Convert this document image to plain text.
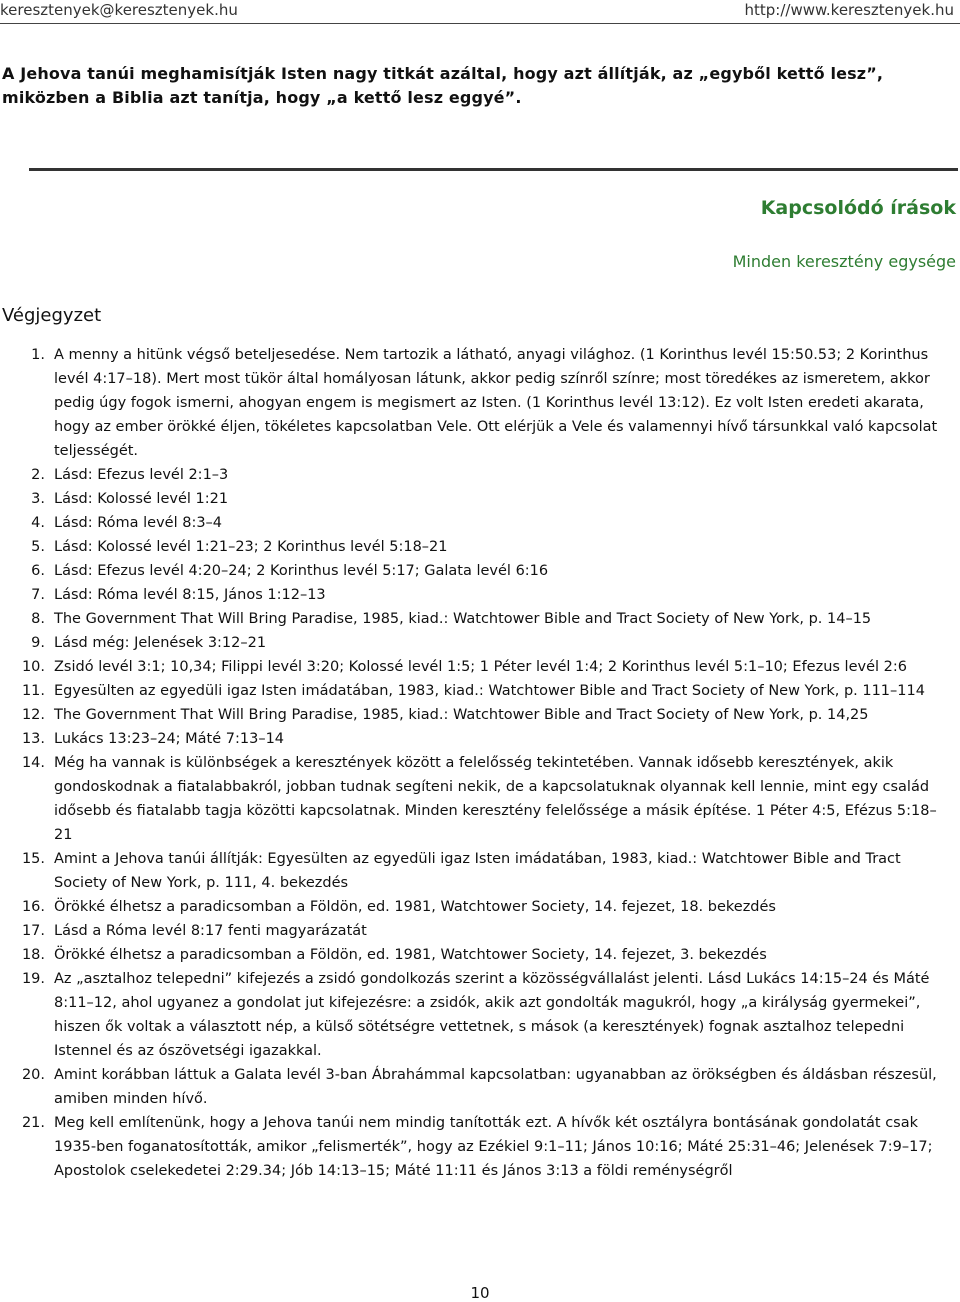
keresztenyek@keresztenyek.hu	http://www.keresztenyek.hu
A Jehova tanúi meghamisítják Isten nagy titkát azáltal, hogy azt állítják, az „egyből kettő lesz”, miközben a Biblia azt tanítja, hogy „a kettő lesz eggyé”.
Kapcsolódó írások
Minden keresztény egysége
Végjegyzet
1. A menny a hitünk végső beteljesedése. Nem tartozik a látható, anyagi világhoz. (1 Korinthus levél 15:50.53; 2 Korinthus levél 4:17–18). Mert most tükör által homályosan látunk, akkor pedig színről színre; most töredékes az ismeretem, akkor pedig úgy fogok ismerni, ahogyan engem is megismert az Isten. (1 Korinthus levél 13:12). Ez volt Isten eredeti akarata, hogy az ember örökké éljen, tökéletes kapcsolatban Vele. Ott elérjük a Vele és valamennyi hívő társunkkal való kapcsolat teljességét.
2. Lásd: Efezus levél 2:1–3
3. Lásd: Kolossé levél 1:21
4. Lásd: Róma levél 8:3–4
5. Lásd: Kolossé levél 1:21–23; 2 Korinthus levél 5:18–21
6. Lásd: Efezus levél 4:20–24; 2 Korinthus levél 5:17; Galata levél 6:16
7. Lásd: Róma levél 8:15, János 1:12–13
8. The Government That Will Bring Paradise, 1985, kiad.: Watchtower Bible and Tract Society of New York, p. 14–15
9. Lásd még: Jelenések 3:12–21
10. Zsidó levél 3:1; 10,34; Filippi levél 3:20; Kolossé levél 1:5; 1 Péter levél 1:4; 2 Korinthus levél 5:1–10; Efezus levél 2:6
11. Egyesülten az egyedüli igaz Isten imádatában, 1983, kiad.: Watchtower Bible and Tract Society of New York, p. 111–114
12. The Government That Will Bring Paradise, 1985, kiad.: Watchtower Bible and Tract Society of New York, p. 14,25
13. Lukács 13:23–24; Máté 7:13–14
14. Még ha vannak is különbségek a keresztények között a felelősség tekintetében. Vannak idősebb keresztények, akik gondoskodnak a fiatalabbakról, jobban tudnak segíteni nekik, de a kapcsolatuknak olyannak kell lennie, mint egy család idősebb és fiatalabb tagja közötti kapcsolatnak. Minden keresztény felelőssége a másik építése. 1 Péter 4:5, Efézus 5:18–21
15. Amint a Jehova tanúi állítják: Egyesülten az egyedüli igaz Isten imádatában, 1983, kiad.: Watchtower Bible and Tract Society of New York, p. 111, 4. bekezdés
16. Örökké élhetsz a paradicsomban a Földön, ed. 1981, Watchtower Society, 14. fejezet, 18. bekezdés
17. Lásd a Róma levél 8:17 fenti magyarázatát
18. Örökké élhetsz a paradicsomban a Földön, ed. 1981, Watchtower Society, 14. fejezet, 3. bekezdés
19. Az „asztalhoz telepedni” kifejezés a zsidó gondolkozás szerint a közösségvállalást jelenti. Lásd Lukács 14:15–24 és Máté 8:11–12, ahol ugyanez a gondolat jut kifejezésre: a zsidók, akik azt gondolták magukról, hogy „a királyság gyermekei”, hiszen ők voltak a választott nép, a külső sötétségre vettetnek, s mások (a keresztények) fognak asztalhoz telepedni Istennel és az ószövetségi igazakkal.
20. Amint korábban láttuk a Galata levél 3-ban Ábrahámmal kapcsolatban: ugyanabban az örökségben és áldásban részesül, amiben minden hívő.
21. Meg kell említenünk, hogy a Jehova tanúi nem mindig tanították ezt. A hívők két osztályra bontásának gondolatát csak 1935-ben foganatosították, amikor „felismerték”, hogy az Ezékiel 9:1–11; János 10:16; Máté 25:31–46; Jelenések 7:9–17; Apostolok cselekedetei 2:29.34; Jób 14:13–15; Máté 11:11 és János 3:13 a földi reménységről
10
